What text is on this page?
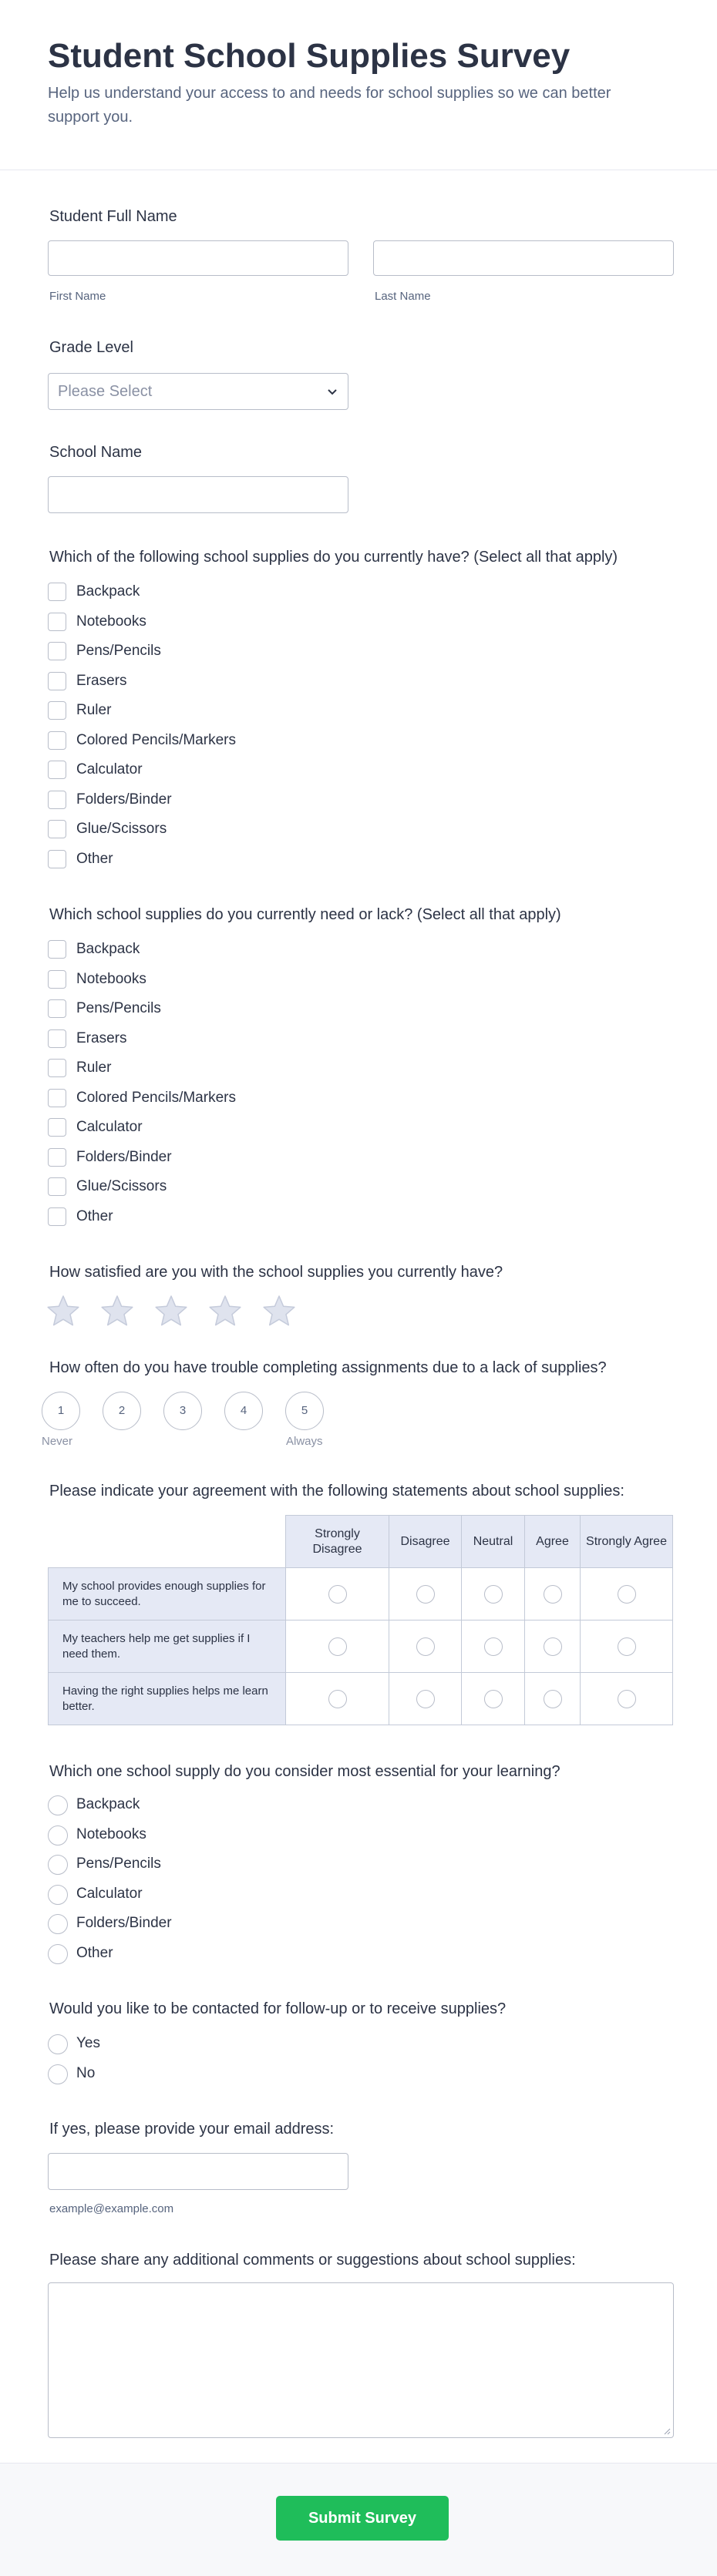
Student School Supplies Survey
Help us understand your access to and needs for school supplies so we can better support you.
Student Full Name
First Name	Last Name
Grade Level
Please Select
School Name
Which of the following school supplies do you currently have? (Select all that apply)
Backpack
Notebooks
Pens/Pencils
Erasers
Ruler
Colored Pencils/Markers
Calculator
Folders/Binder
Glue/Scissors
Other
Which school supplies do you currently need or lack? (Select all that apply)
Backpack
Notebooks
Pens/Pencils
Erasers
Ruler
Colored Pencils/Markers
Calculator
Folders/Binder
Glue/Scissors
Other
How satisfied are you with the school supplies you currently have?
How often do you have trouble completing assignments due to a lack of supplies?
1	2	3	4	5
Never	Always
Please indicate your agreement with the following statements about school supplies:
	Strongly Disagree	Disagree	Neutral	Agree	Strongly Agree
My school provides enough supplies for me to succeed.					
My teachers help me get supplies if I need them.					
Having the right supplies helps me learn better.					
Which one school supply do you consider most essential for your learning?
Backpack
Notebooks
Pens/Pencils
Calculator
Folders/Binder
Other
Would you like to be contacted for follow-up or to receive supplies?
Yes
No
If yes, please provide your email address:
example@example.com
Please share any additional comments or suggestions about school supplies:
Submit Survey
